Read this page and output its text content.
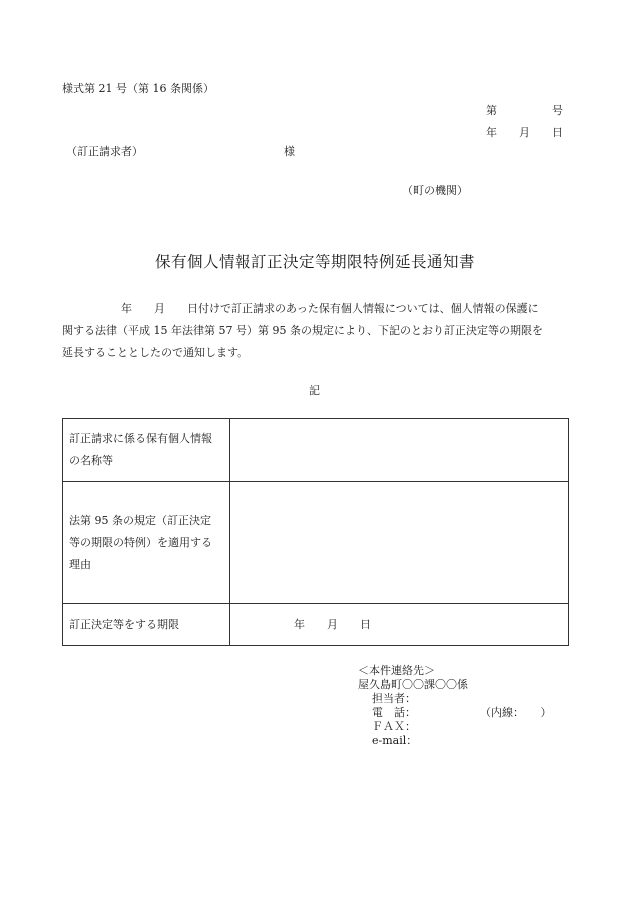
様式第 21 号（第 16 条関係）
第　　　　　号
年　　月　　日
（訂正請求者）	様
（町の機関）
保有個人情報訂正決定等期限特例延長通知書
年　　月　　日付けで訂正請求のあった保有個人情報については、個人情報の保護に
関する法律（平成 15 年法律第 57 号）第 95 条の規定により、下記のとおり訂正決定等の期限を
延長することとしたので通知します。
記
訂正請求に係る保有個人情報
の名称等	

法第 95 条の規定（訂正決定
等の期限の特例）を適用する
理由	

訂正決定等をする期限	年　　月　　日
＜本件連絡先＞
屋久島町〇〇課〇〇係
担当者：
電　話：	（内線：　　）
ＦＡＸ：
e-mail：
